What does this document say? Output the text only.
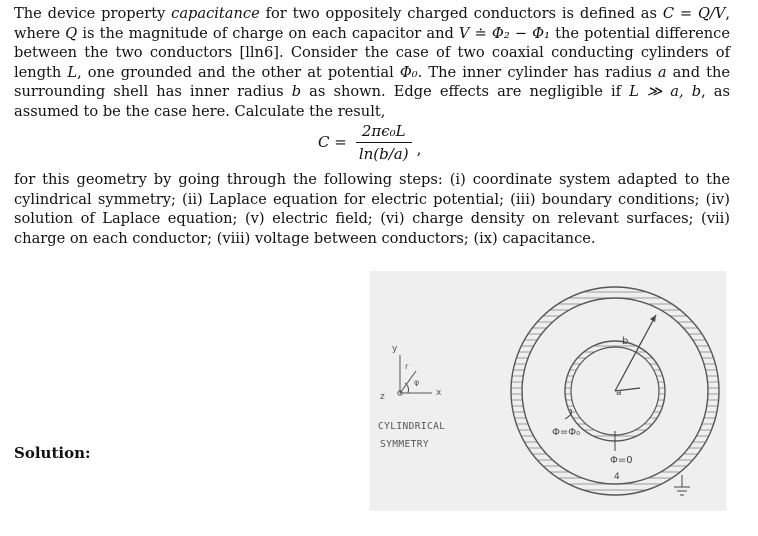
The device property capacitance for two oppositely charged conductors is defined as C = Q/V, where Q is the magnitude of charge on each capacitor and V ≐ Φ₂ − Φ₁ the potential difference between the two conductors [lln6]. Consider the case of two coaxial conducting cylinders of length L, one grounded and the other at potential Φ₀. The inner cylinder has radius a and the surrounding shell has inner radius b as shown. Edge effects are negligible if L ≫ a, b, as assumed to be the case here. Calculate the result,
$C = \frac{\text{2πϵ₀L}}{\ln(b/a)}$ ,
for this geometry by going through the following steps: (i) coordinate system adapted to the cylindrical symmetry; (ii) Laplace equation for electric potential; (iii) boundary conditions; (iv) solution of Laplace equation; (v) electric field; (vi) charge density on relevant surfaces; (vii) charge on each conductor; (viii) voltage between conductors; (ix) capacitance.
b
a
Φ=Φ₀
Φ=0
4
y
x
z
r
φ
CYLINDRICAL
SYMMETRY
Solution:
